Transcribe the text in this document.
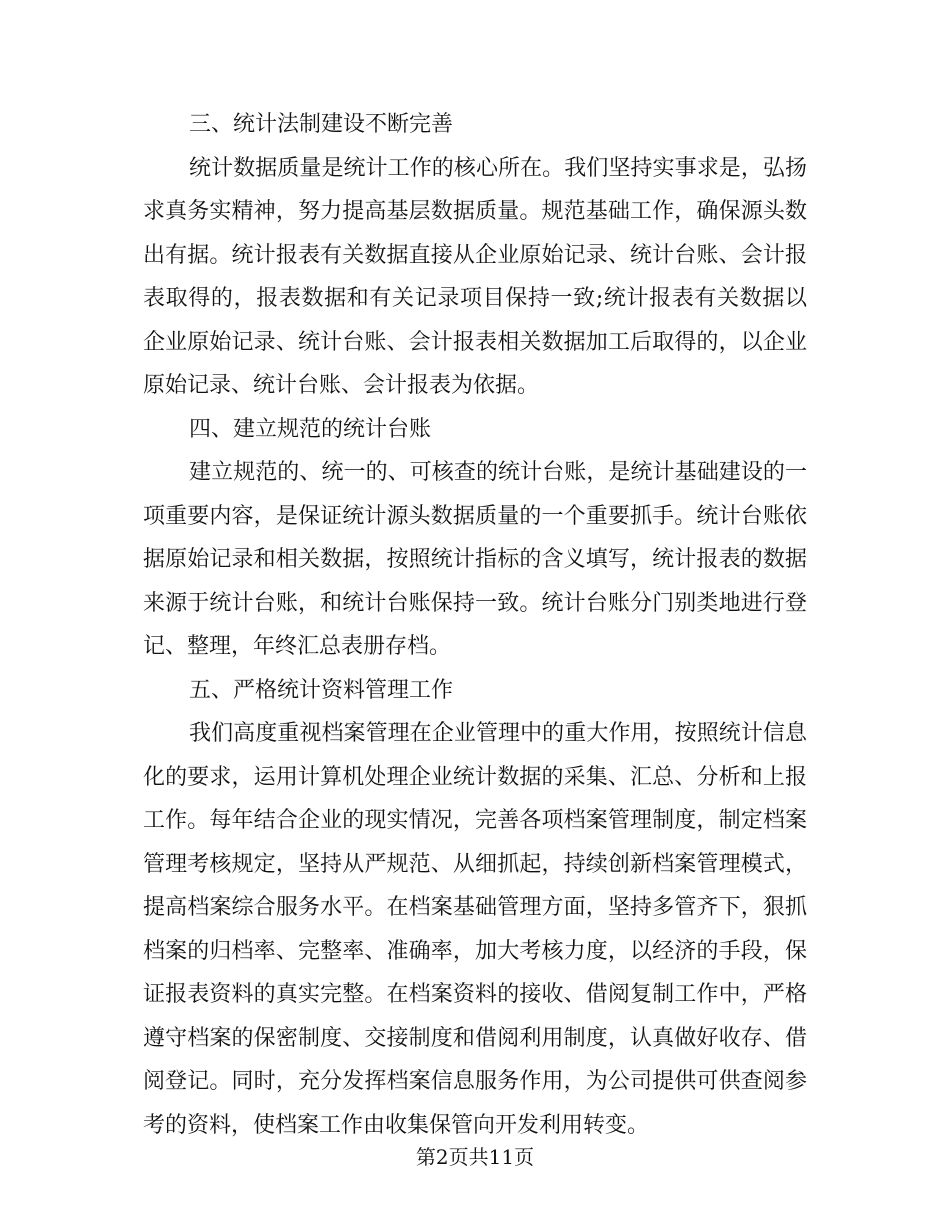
三、统计法制建设不断完善

统计数据质量是统计工作的核心所在。我们坚持实事求是，弘扬求真务实精神，努力提高基层数据质量。规范基础工作，确保源头数出有据。统计报表有关数据直接从企业原始记录、统计台账、会计报表取得的，报表数据和有关记录项目保持一致;统计报表有关数据以企业原始记录、统计台账、会计报表相关数据加工后取得的，以企业原始记录、统计台账、会计报表为依据。

四、建立规范的统计台账

建立规范的、统一的、可核查的统计台账，是统计基础建设的一项重要内容，是保证统计源头数据质量的一个重要抓手。统计台账依据原始记录和相关数据，按照统计指标的含义填写，统计报表的数据来源于统计台账，和统计台账保持一致。统计台账分门别类地进行登记、整理，年终汇总表册存档。

五、严格统计资料管理工作

我们高度重视档案管理在企业管理中的重大作用，按照统计信息化的要求，运用计算机处理企业统计数据的采集、汇总、分析和上报工作。每年结合企业的现实情况，完善各项档案管理制度，制定档案管理考核规定，坚持从严规范、从细抓起，持续创新档案管理模式，提高档案综合服务水平。在档案基础管理方面，坚持多管齐下，狠抓档案的归档率、完整率、准确率，加大考核力度，以经济的手段，保证报表资料的真实完整。在档案资料的接收、借阅复制工作中，严格遵守档案的保密制度、交接制度和借阅利用制度，认真做好收存、借阅登记。同时，充分发挥档案信息服务作用，为公司提供可供查阅参考的资料，使档案工作由收集保管向开发利用转变。

第2页共11页
